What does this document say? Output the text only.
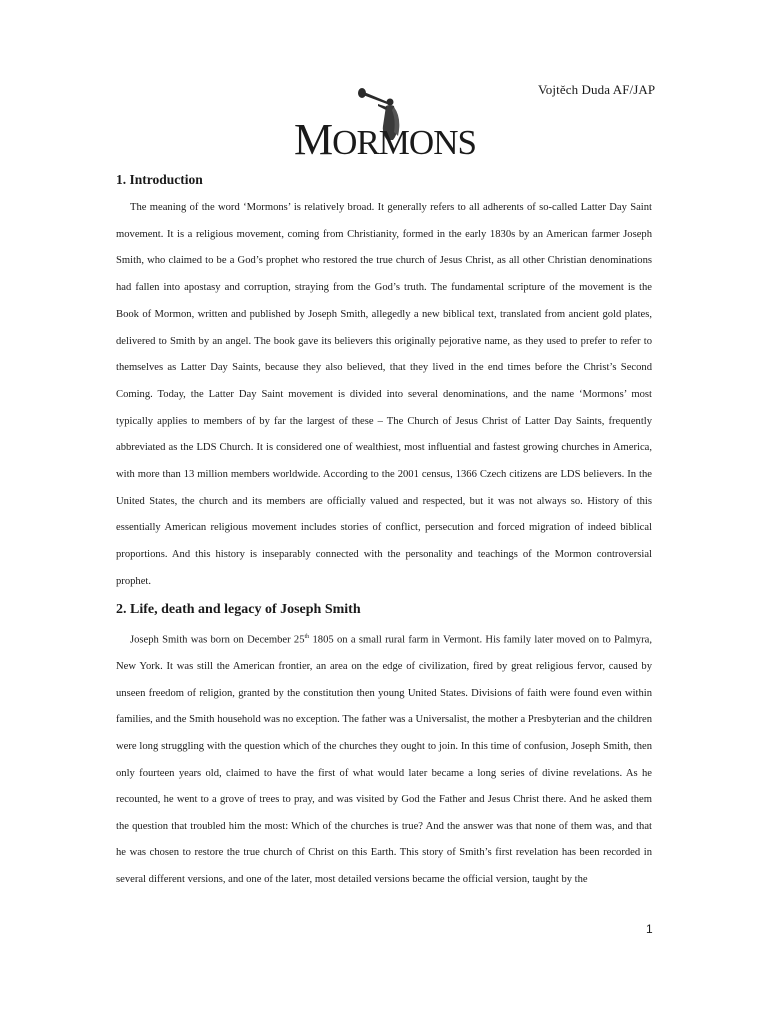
Vojtěch Duda AF/JAP
MORMONS
1. Introduction

The meaning of the word ‘Mormons’ is relatively broad. It generally refers to all adherents of so-called Latter Day Saint movement. It is a religious movement, coming from Christianity, formed in the early 1830s by an American farmer Joseph Smith, who claimed to be a God’s prophet who restored the true church of Jesus Christ, as all other Christian denominations had fallen into apostasy and corruption, straying from the God’s truth. The fundamental scripture of the movement is the Book of Mormon, written and published by Joseph Smith, allegedly a new biblical text, translated from ancient gold plates, delivered to Smith by an angel. The book gave its believers this originally pejorative name, as they used to prefer to refer to themselves as Latter Day Saints, because they also believed, that they lived in the end times before the Christ’s Second Coming. Today, the Latter Day Saint movement is divided into several denominations, and the name ‘Mormons’ most typically applies to members of by far the largest of these – The Church of Jesus Christ of Latter Day Saints, frequently abbreviated as the LDS Church. It is considered one of wealthiest, most influential and fastest growing churches in America, with more than 13 million members worldwide. According to the 2001 census, 1366 Czech citizens are LDS believers. In the United States, the church and its members are officially valued and respected, but it was not always so. History of this essentially American religious movement includes stories of conflict, persecution and forced migration of indeed biblical proportions. And this history is inseparably connected with the personality and teachings of the Mormon controversial prophet.

2. Life, death and legacy of Joseph Smith

Joseph Smith was born on December 25th 1805 on a small rural farm in Vermont. His family later moved on to Palmyra, New York. It was still the American frontier, an area on the edge of civilization, fired by great religious fervor, caused by unseen freedom of religion, granted by the constitution then young United States. Divisions of faith were found even within families, and the Smith household was no exception. The father was a Universalist, the mother a Presbyterian and the children were long struggling with the question which of the churches they ought to join. In this time of confusion, Joseph Smith, then only fourteen years old, claimed to have the first of what would later became a long series of divine revelations. As he recounted, he went to a grove of trees to pray, and was visited by God the Father and Jesus Christ there. And he asked them the question that troubled him the most: Which of the churches is true? And the answer was that none of them was, and that he was chosen to restore the true church of Christ on this Earth. This story of Smith’s first revelation has been recorded in several different versions, and one of the later, most detailed versions became the official version, taught by the

1
